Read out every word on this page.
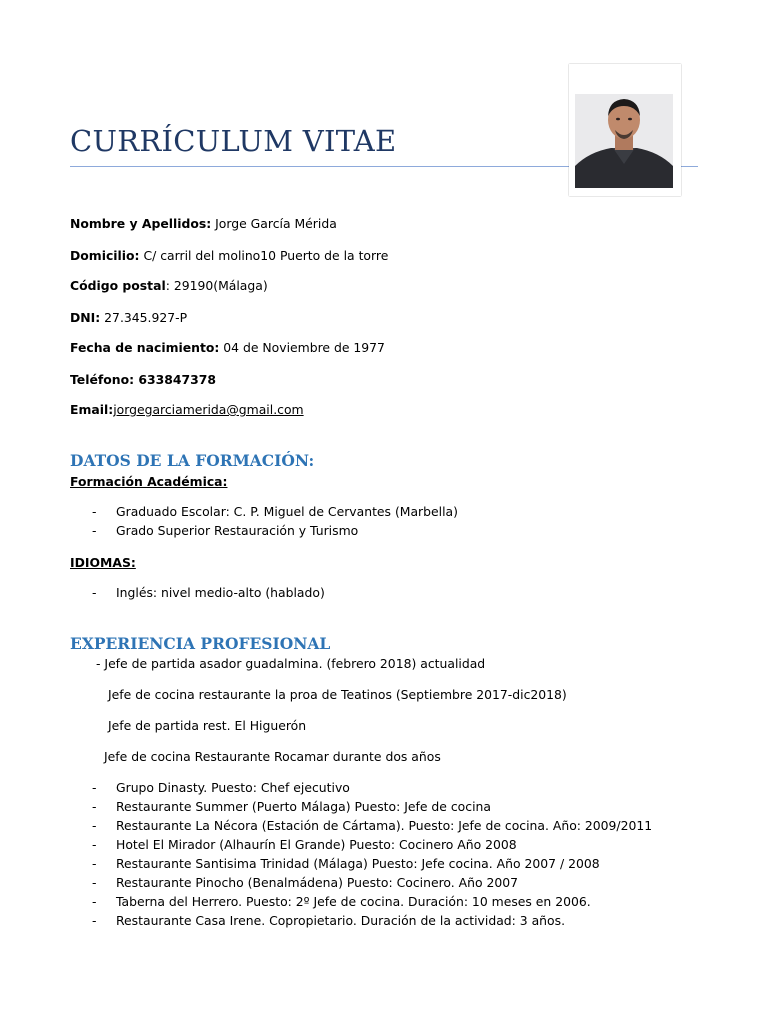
CURRÍCULUM VITAE
Nombre y Apellidos: Jorge García Mérida
Domicilio: C/ carril del molino10 Puerto de la torre
Código postal: 29190(Málaga)
DNI: 27.345.927-P
Fecha de nacimiento: 04 de Noviembre de 1977
Teléfono: 633847378
Email:jorgegarciamerida@gmail.com
DATOS DE LA FORMACIÓN:
Formación Académica:
- Graduado Escolar: C. P. Miguel de Cervantes (Marbella)
- Grado Superior Restauración y Turismo
IDIOMAS:
- Inglés: nivel medio-alto (hablado)
EXPERIENCIA PROFESIONAL
- Jefe de partida asador guadalmina. (febrero 2018) actualidad
Jefe de cocina restaurante la proa de Teatinos (Septiembre 2017-dic2018)
Jefe de partida rest. El Higuerón
Jefe de cocina Restaurante Rocamar durante dos años
- Grupo Dinasty. Puesto: Chef ejecutivo
- Restaurante Summer (Puerto Málaga) Puesto: Jefe de cocina
- Restaurante La Nécora (Estación de Cártama). Puesto: Jefe de cocina. Año: 2009/2011
- Hotel El Mirador (Alhaurín El Grande) Puesto: Cocinero Año 2008
- Restaurante Santisima Trinidad (Málaga) Puesto: Jefe cocina. Año 2007 / 2008
- Restaurante Pinocho (Benalmádena) Puesto: Cocinero. Año 2007
- Taberna del Herrero. Puesto: 2º Jefe de cocina. Duración: 10 meses en 2006.
- Restaurante Casa Irene. Copropietario. Duración de la actividad: 3 años.
